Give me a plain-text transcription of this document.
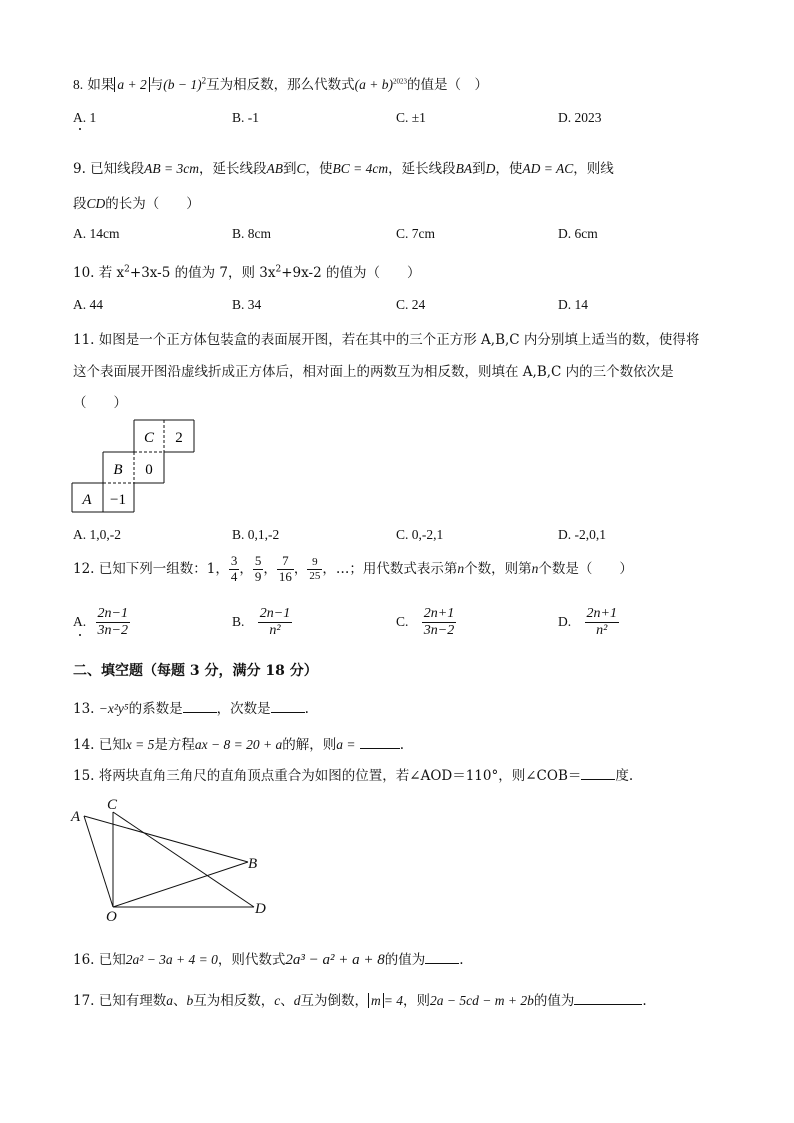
8. 如果 a + 2 与$(b - 1)^2$互为相反数，那么代数式$(a + b)^{2023}$的值是（　）
A. 1	B. -1	C. ±1	D. 2023
9. 已知线段AB = 3cm，延长线段AB到C，使BC = 4cm，延长线段BA到D，使AD = AC，则线
段CD的长为（　　）
A. 14cm	B. 8cm	C. 7cm	D. 6cm
10. 若 $x^2+3x-5$ 的值为 7，则 $3x^2+9x-2$ 的值为（　　）
A. 44	B. 34	C. 24	D. 14
11. 如图是一个正方体包装盒的表面展开图，若在其中的三个正方形 A,B,C 内分别填上适当的数，使得将
这个表面展开图沿虚线折成正方体后，相对面上的两数互为相反数，则填在 A,B,C 内的三个数依次是
（　　）
C 2
B 0
A −1
A. 1,0,-2	B. 0,1,-2	C. 0,-2,1	D. -2,0,1
12. 已知下列一组数：1， $\frac{3}{4}$ ， $\frac{5}{9}$ ， $\frac{7}{16}$ ， $\frac{9}{25}$ ，…；用代数式表示第n个数，则第n个数是（　　）
A. $\frac{2n-1}{3n-2}$	B. $\frac{2n-1}{\text{n²}}$	C. $\frac{2n+1}{3n-2}$	D. $\frac{2n+1}{\text{n²}}$
二、填空题（每题 3 分，满分 18 分）
13. −x²y⁵的系数是	，次数是	.
14. 已知x = 5是方程ax − 8 = 20 + a的解，则a =	.
15. 将两块直角三角尺的直角顶点重合为如图的位置，若∠AOD＝110°，则∠COB＝	度.
A
C
B
D
O
16. 已知2a² − 3a + 4 = 0，则代数式2a³ − a² + a + 8的值为	.
17. 已知有理数a、b互为相反数，c、d互为倒数， m = 4，则2a − 5cd − m + 2b的值为	.
